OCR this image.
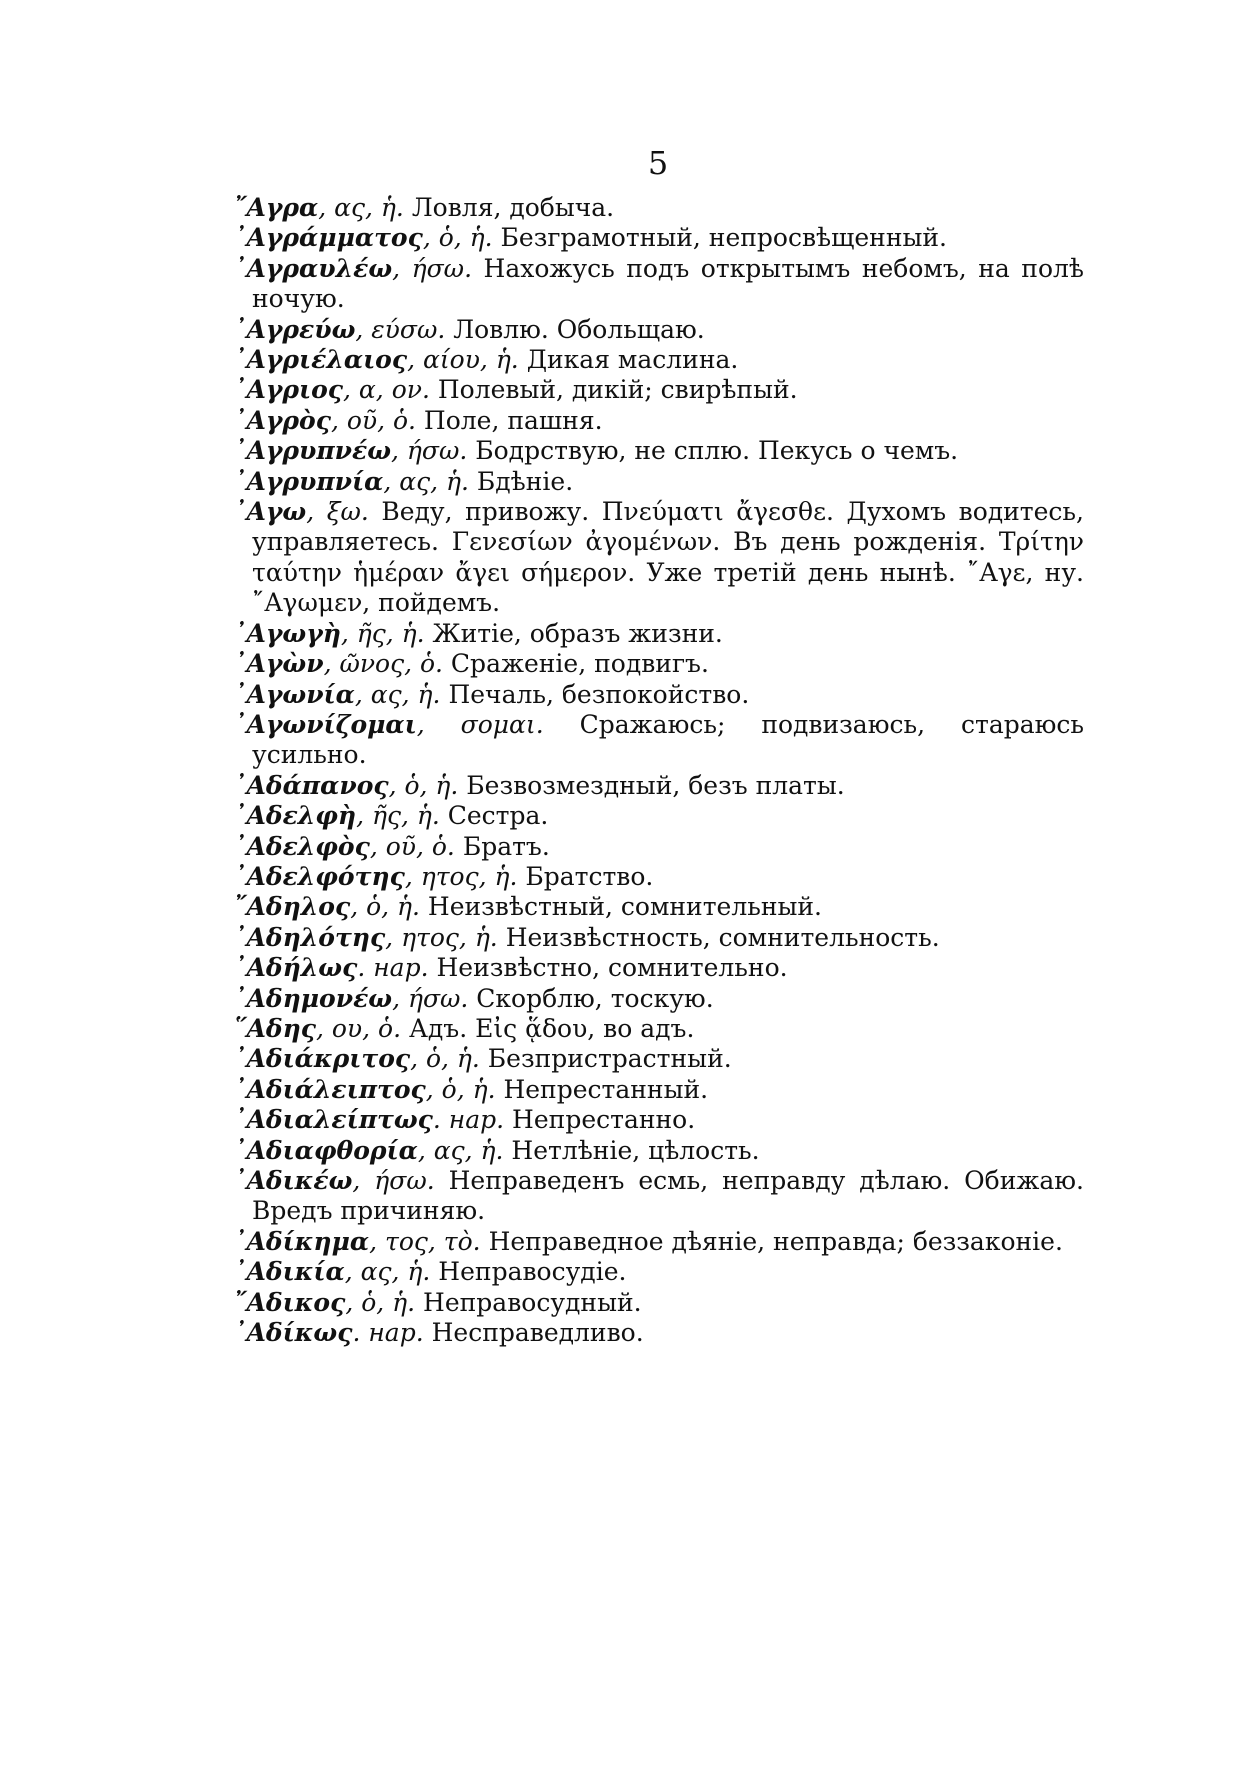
5

῎Αγρα, ας, ἡ. Ловля, добыча.

᾿Αγράμματος, ὁ, ἡ. Безграмотный, непросвѣщенный.

᾿Αγραυλέω, ήσω. Нахожусь подъ открытымъ небомъ, на полѣ ночую.

᾿Αγρεύω, εύσω. Ловлю. Обольщаю.

᾿Αγριέλαιος, αίου, ἡ. Дикая маслина.

᾿Αγριος, α, ον. Полевый, дикій; свирѣпый.

᾿Αγρὸς, οῦ, ὁ. Поле, пашня.

᾿Αγρυπνέω, ήσω. Бодрствую, не сплю. Пекусь о чемъ.

᾿Αγρυπνία, ας, ἡ. Бдѣніе.

᾿Αγω, ξω. Веду, привожу. Πνεύματι ἄγεσθε. Духомъ водитесь, управляетесь. Γενεσίων ἀγομένων. Въ день рожденія. Τρίτην ταύτην ἡμέραν ἄγει σήμερον. Уже третій день нынѣ. ῎Αγε, ну. ῎Αγωμεν, пойдемъ.

᾿Αγωγὴ, ῆς, ἡ. Житіе, образъ жизни.

᾿Αγὼν, ῶνος, ὁ. Сраженіе, подвигъ.

᾿Αγωνία, ας, ἡ. Печаль, безпокойство.

᾿Αγωνίζομαι, σομαι. Сражаюсь; подвизаюсь, стараюсь усильно.

᾿Αδάπανος, ὁ, ἡ. Безвозмездный, безъ платы.

᾿Αδελφὴ, ῆς, ἡ. Сестра.

᾿Αδελφὸς, οῦ, ὁ. Братъ.

᾿Αδελφότης, ητος, ἡ. Братство.

῎Αδηλος, ὁ, ἡ. Неизвѣстный, сомнительный.

᾿Αδηλότης, ητος, ἡ. Неизвѣстность, сомнительность.

᾿Αδήλως. нар. Неизвѣстно, сомнительно.

᾿Αδημονέω, ήσω. Скорблю, тоскую.

῞Αδης, ου, ὁ. Адъ. Εἰς ᾅδου, во адъ.

᾿Αδιάκριτος, ὁ, ἡ. Безпристрастный.

᾿Αδιάλειπτος, ὁ, ἡ. Непрестанный.

᾿Αδιαλείπτως. нар. Непрестанно.

᾿Αδιαφθορία, ας, ἡ. Нетлѣніе, цѣлость.

᾿Αδικέω, ήσω. Неправеденъ есмь, неправду дѣлаю. Обижаю. Вредъ причиняю.

᾿Αδίκημα, τος, τὸ. Неправедное дѣяніе, неправда; беззаконіе.

᾿Αδικία, ας, ἡ. Неправосудіе.

῎Αδικος, ὁ, ἡ. Неправосудный.

᾿Αδίκως. нар. Несправедливо.
